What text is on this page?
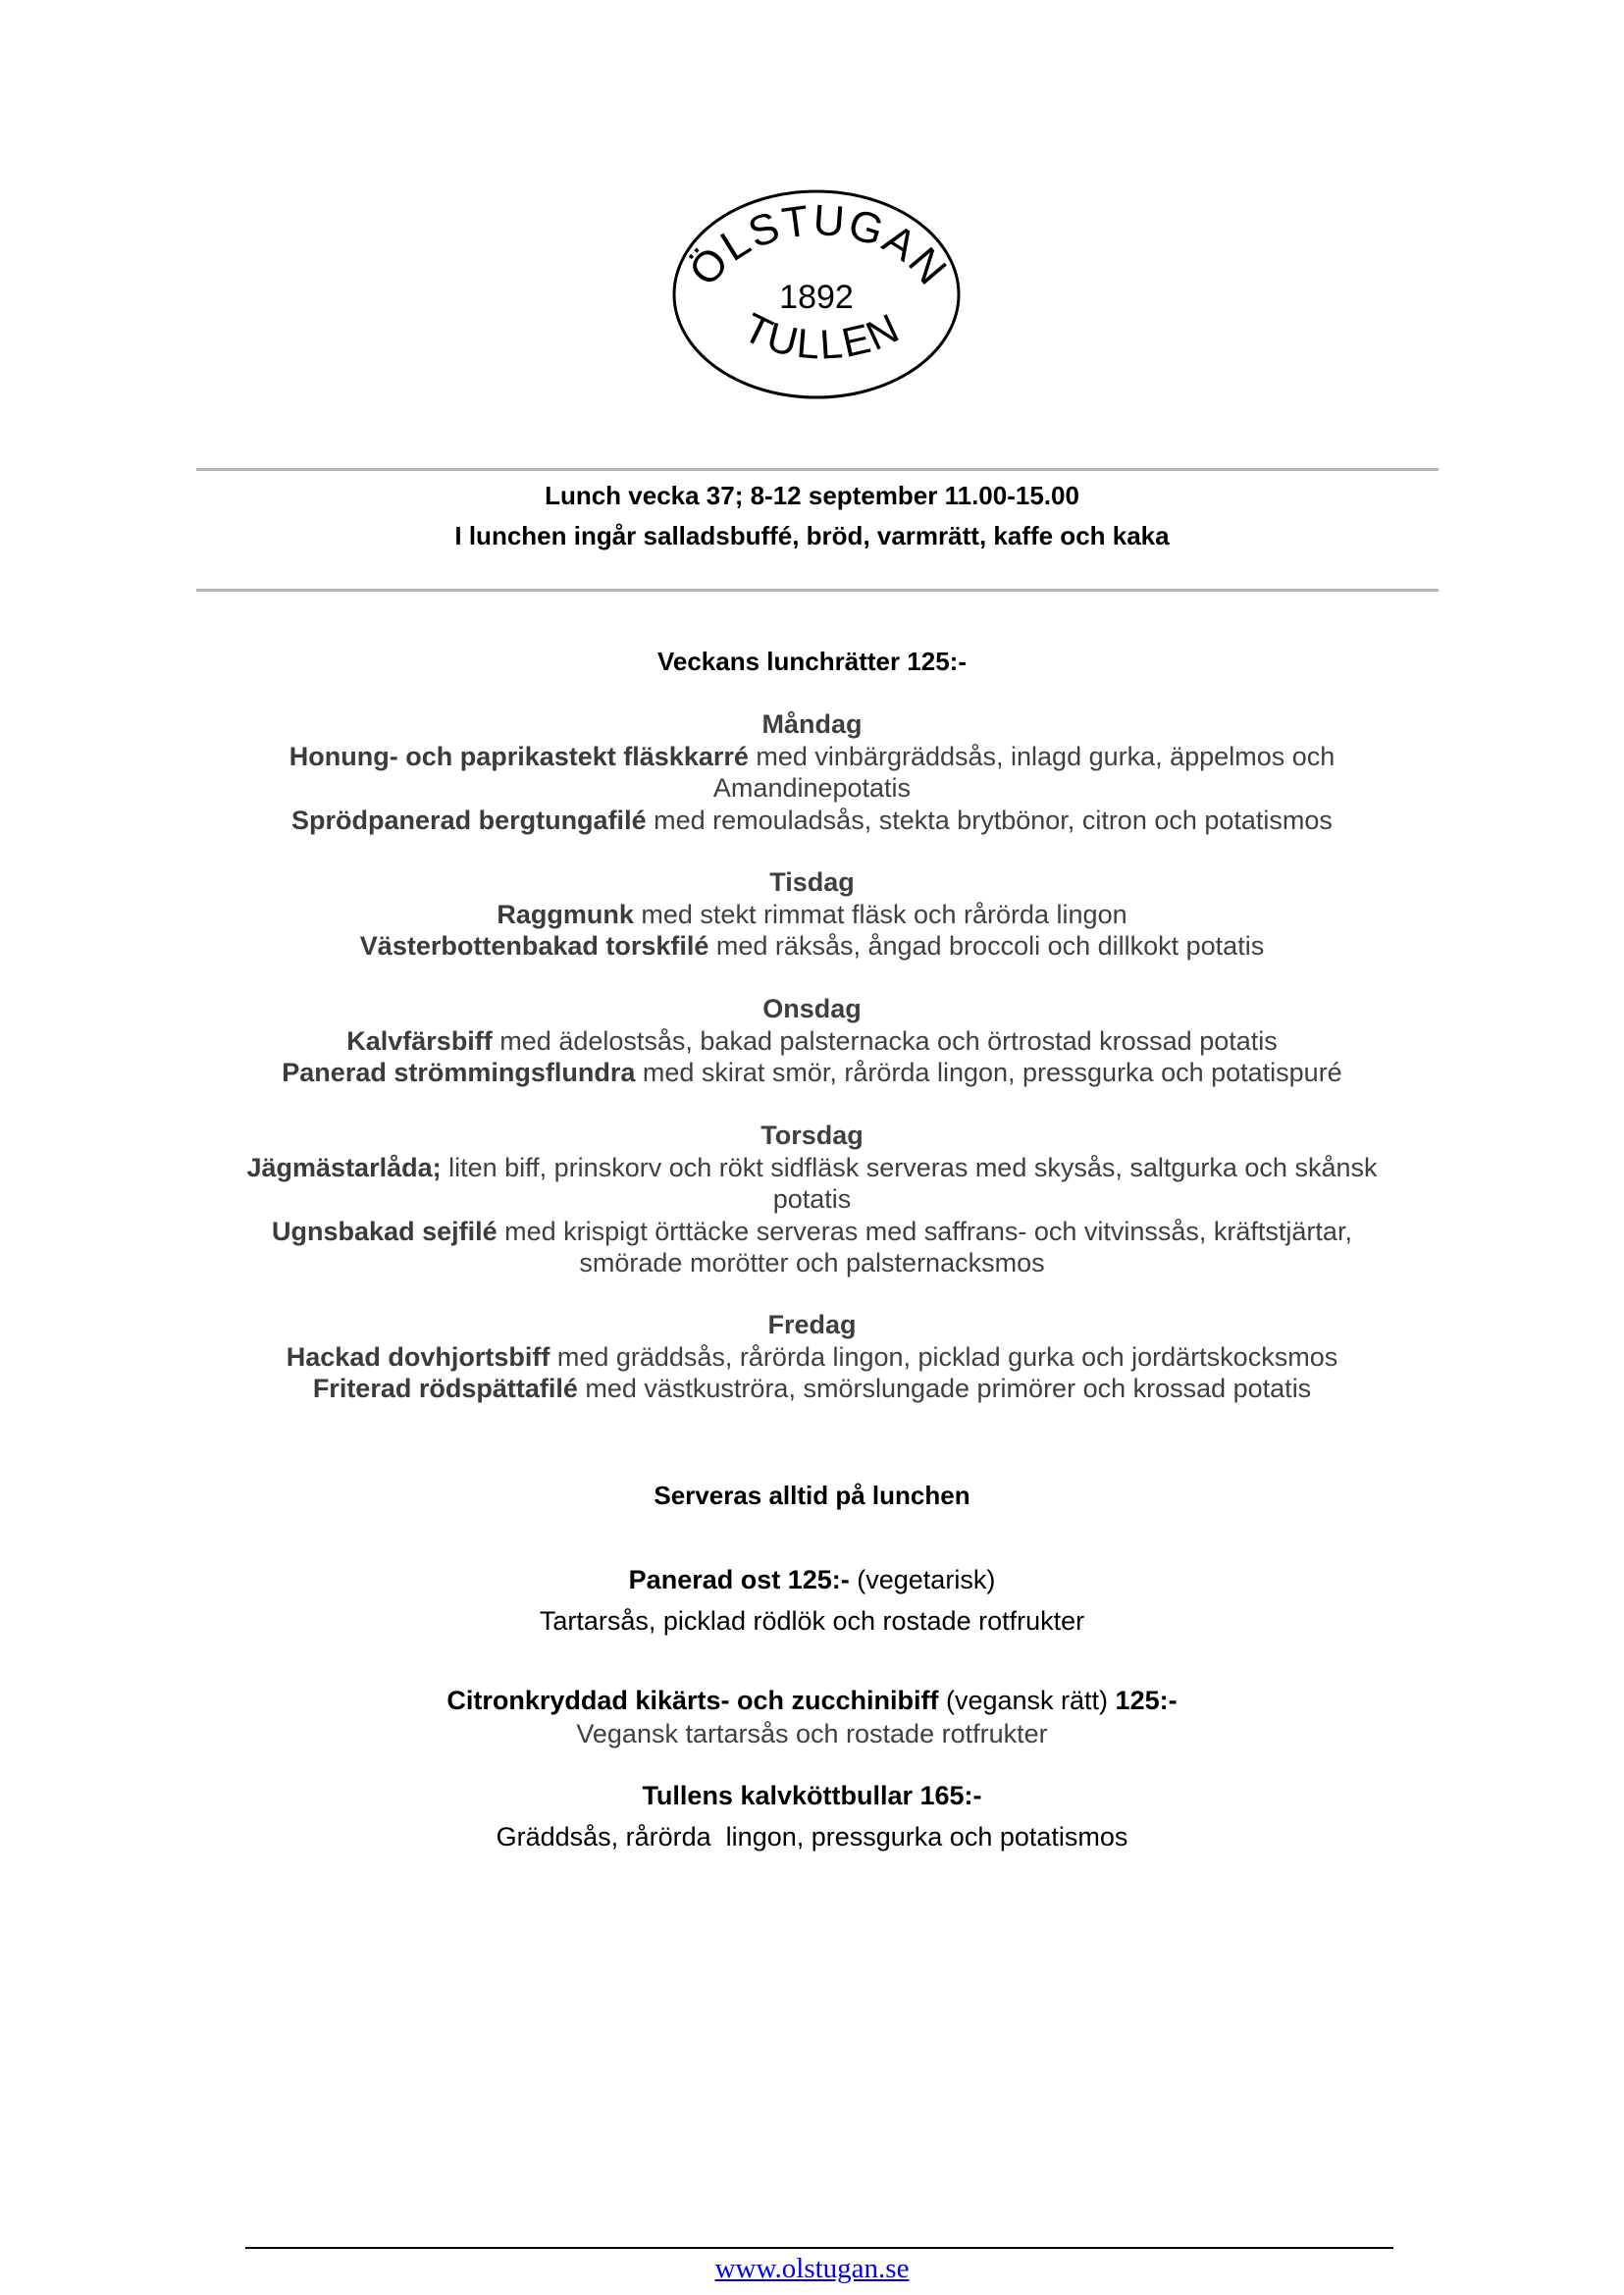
ÖLSTUGAN
1892
TULLEN
Lunch vecka 37; 8-12 september 11.00-15.00
I lunchen ingår salladsbuffé, bröd, varmrätt, kaffe och kaka
Veckans lunchrätter 125:-
Måndag
Honung- och paprikastekt fläskkarré med vinbärgräddsås, inlagd gurka, äppelmos och
Amandinepotatis
Sprödpanerad bergtungafilé med remouladsås, stekta brytbönor, citron och potatismos
Tisdag
Raggmunk med stekt rimmat fläsk och rårörda lingon
Västerbottenbakad torskfilé med räksås, ångad broccoli och dillkokt potatis
Onsdag
Kalvfärsbiff med ädelostsås, bakad palsternacka och örtrostad krossad potatis
Panerad strömmingsflundra med skirat smör, rårörda lingon, pressgurka och potatispuré
Torsdag
Jägmästarlåda; liten biff, prinskorv och rökt sidfläsk serveras med skysås, saltgurka och skånsk
potatis
Ugnsbakad sejfilé med krispigt örttäcke serveras med saffrans- och vitvinssås, kräftstjärtar,
smörade morötter och palsternacksmos
Fredag
Hackad dovhjortsbiff med gräddsås, rårörda lingon, picklad gurka och jordärtskocksmos
Friterad rödspättafilé med västkuströra, smörslungade primörer och krossad potatis
Serveras alltid på lunchen
Panerad ost 125:- (vegetarisk)
Tartarsås, picklad rödlök och rostade rotfrukter
Citronkryddad kikärts- och zucchinibiff (vegansk rätt) 125:-
Vegansk tartarsås och rostade rotfrukter
Tullens kalvköttbullar 165:-
Gräddsås, rårörda  lingon, pressgurka och potatismos
www.olstugan.se
